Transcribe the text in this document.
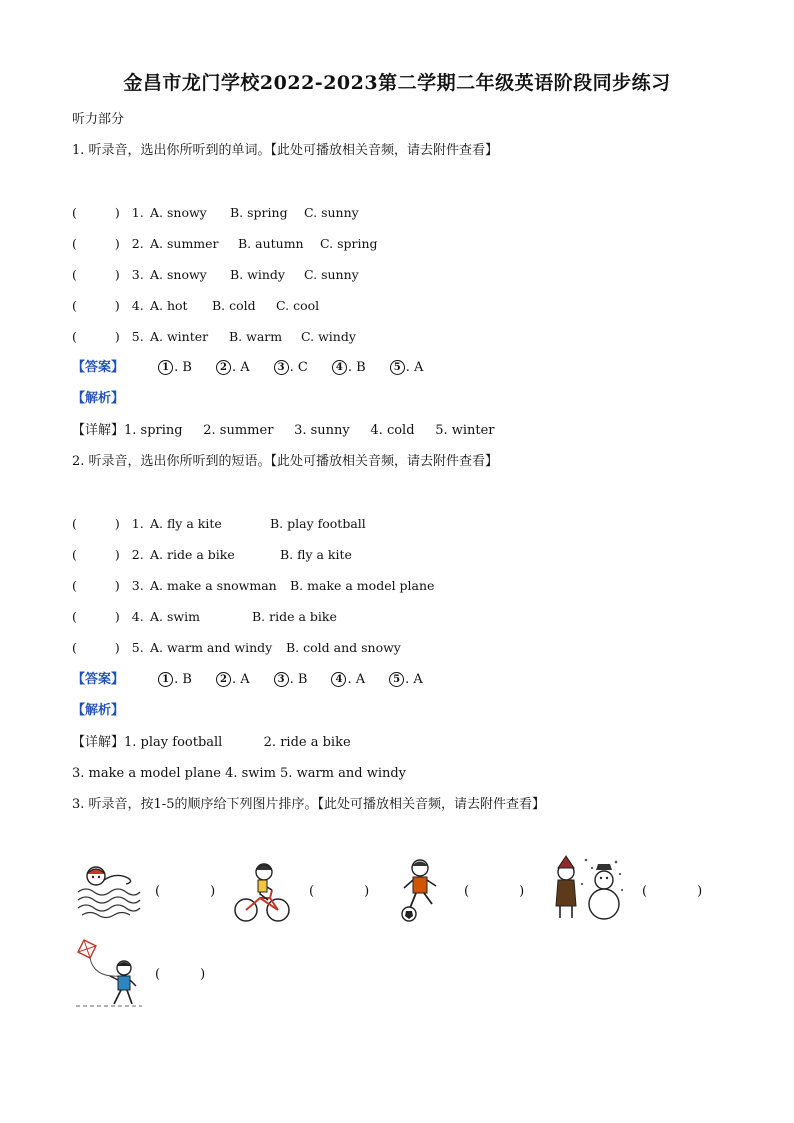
金昌市龙门学校2022-2023第二学期二年级英语阶段同步练习
听力部分
1. 听录音，选出你所听到的单词。【此处可播放相关音频，请去附件查看】
(	) 1. A. snowy B. spring C. sunny
(	) 2. A. summer B. autumn C. spring
(	) 3. A. snowy B. windy C. sunny
(	) 4. A. hot B. cold C. cool
(	) 5. A. winter B. warm C. windy
【答案】	1 . B	2 . A	3 . C	4 . B	5 . A
【解析】
【详解】1. spring     2. summer     3. sunny     4. cold     5. winter
2. 听录音，选出你所听到的短语。【此处可播放相关音频，请去附件查看】
(	) 1. A. fly a kite	B. play football
(	) 2. A. ride a bike	B. fly a kite
(	) 3. A. make a snowman B. make a model plane
(	) 4. A. swim	B. ride a bike
(	) 5. A. warm and windy B. cold and snowy
【答案】	1 . B	2 . A	3 . B	4 . A	5 . A
【解析】
【详解】1. play football          2. ride a bike
3. make a model plane 4. swim 5. warm and windy
3. 听录音，按1-5的顺序给下列图片排序。【此处可播放相关音频，请去附件查看】
(	)	(	)	(	)	(	)
(	)
